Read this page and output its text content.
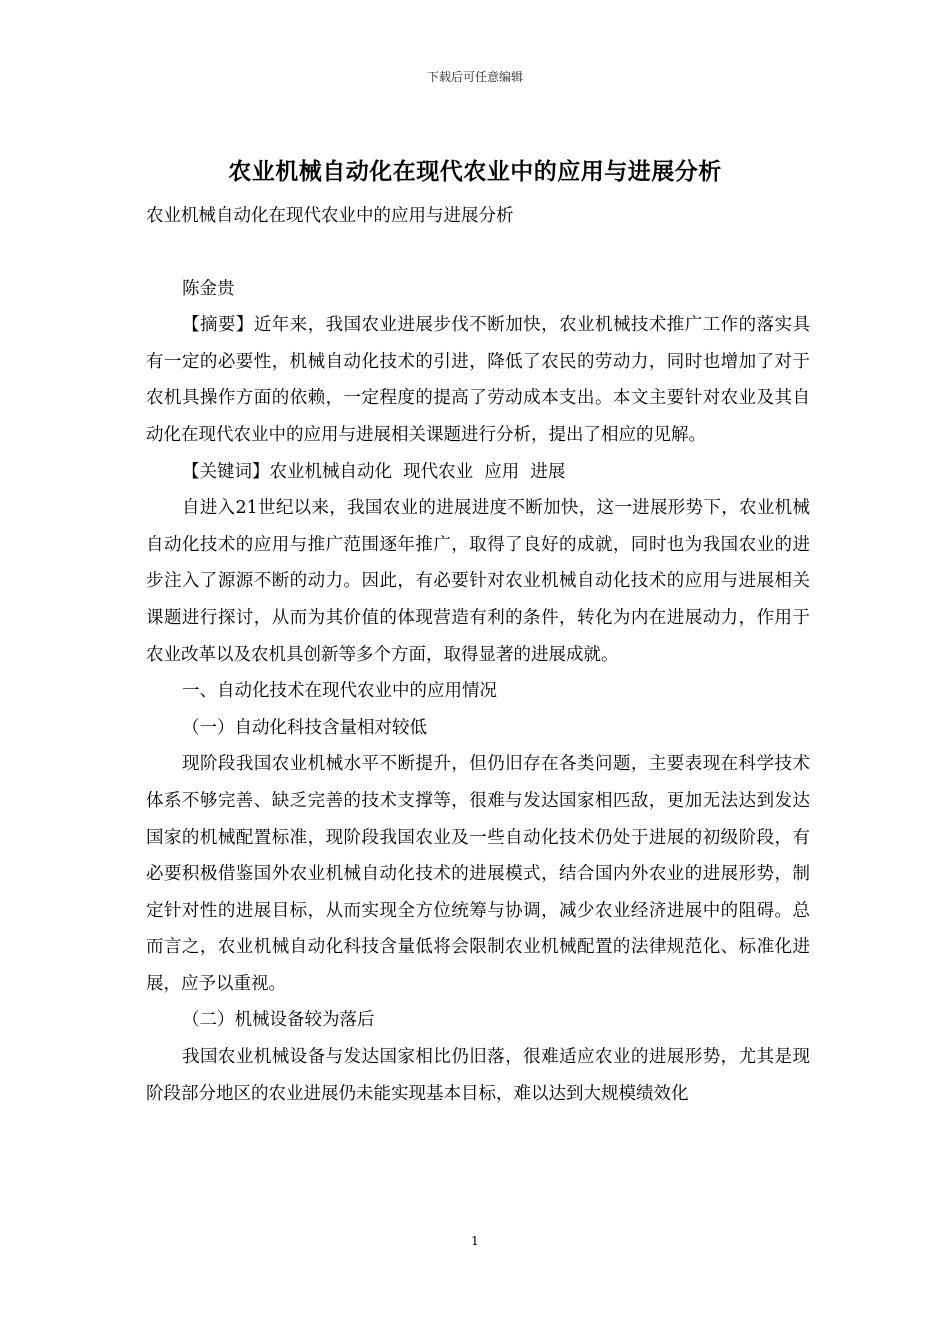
下载后可任意编辑
农业机械自动化在现代农业中的应用与进展分析

农业机械自动化在现代农业中的应用与进展分析

陈金贵

【摘要】近年来，我国农业进展步伐不断加快，农业机械技术推广工作的落实具有一定的必要性，机械自动化技术的引进，降低了农民的劳动力，同时也增加了对于农机具操作方面的依赖，一定程度的提高了劳动成本支出。本文主要针对农业及其自动化在现代农业中的应用与进展相关课题进行分析，提出了相应的见解。

【关键词】农业机械自动化  现代农业  应用  进展

自进入21世纪以来，我国农业的进展进度不断加快，这一进展形势下，农业机械自动化技术的应用与推广范围逐年推广，取得了良好的成就，同时也为我国农业的进步注入了源源不断的动力。因此，有必要针对农业机械自动化技术的应用与进展相关课题进行探讨，从而为其价值的体现营造有利的条件，转化为内在进展动力，作用于农业改革以及农机具创新等多个方面，取得显著的进展成就。

一、自动化技术在现代农业中的应用情况

（一）自动化科技含量相对较低

现阶段我国农业机械水平不断提升，但仍旧存在各类问题，主要表现在科学技术体系不够完善、缺乏完善的技术支撑等，很难与发达国家相匹敌，更加无法达到发达国家的机械配置标准，现阶段我国农业及一些自动化技术仍处于进展的初级阶段，有必要积极借鉴国外农业机械自动化技术的进展模式，结合国内外农业的进展形势，制定针对性的进展目标，从而实现全方位统筹与协调，减少农业经济进展中的阻碍。总而言之，农业机械自动化科技含量低将会限制农业机械配置的法律规范化、标准化进展，应予以重视。

（二）机械设备较为落后

我国农业机械设备与发达国家相比仍旧落，很难适应农业的进展形势，尤其是现阶段部分地区的农业进展仍未能实现基本目标，难以达到大规模绩效化

1
